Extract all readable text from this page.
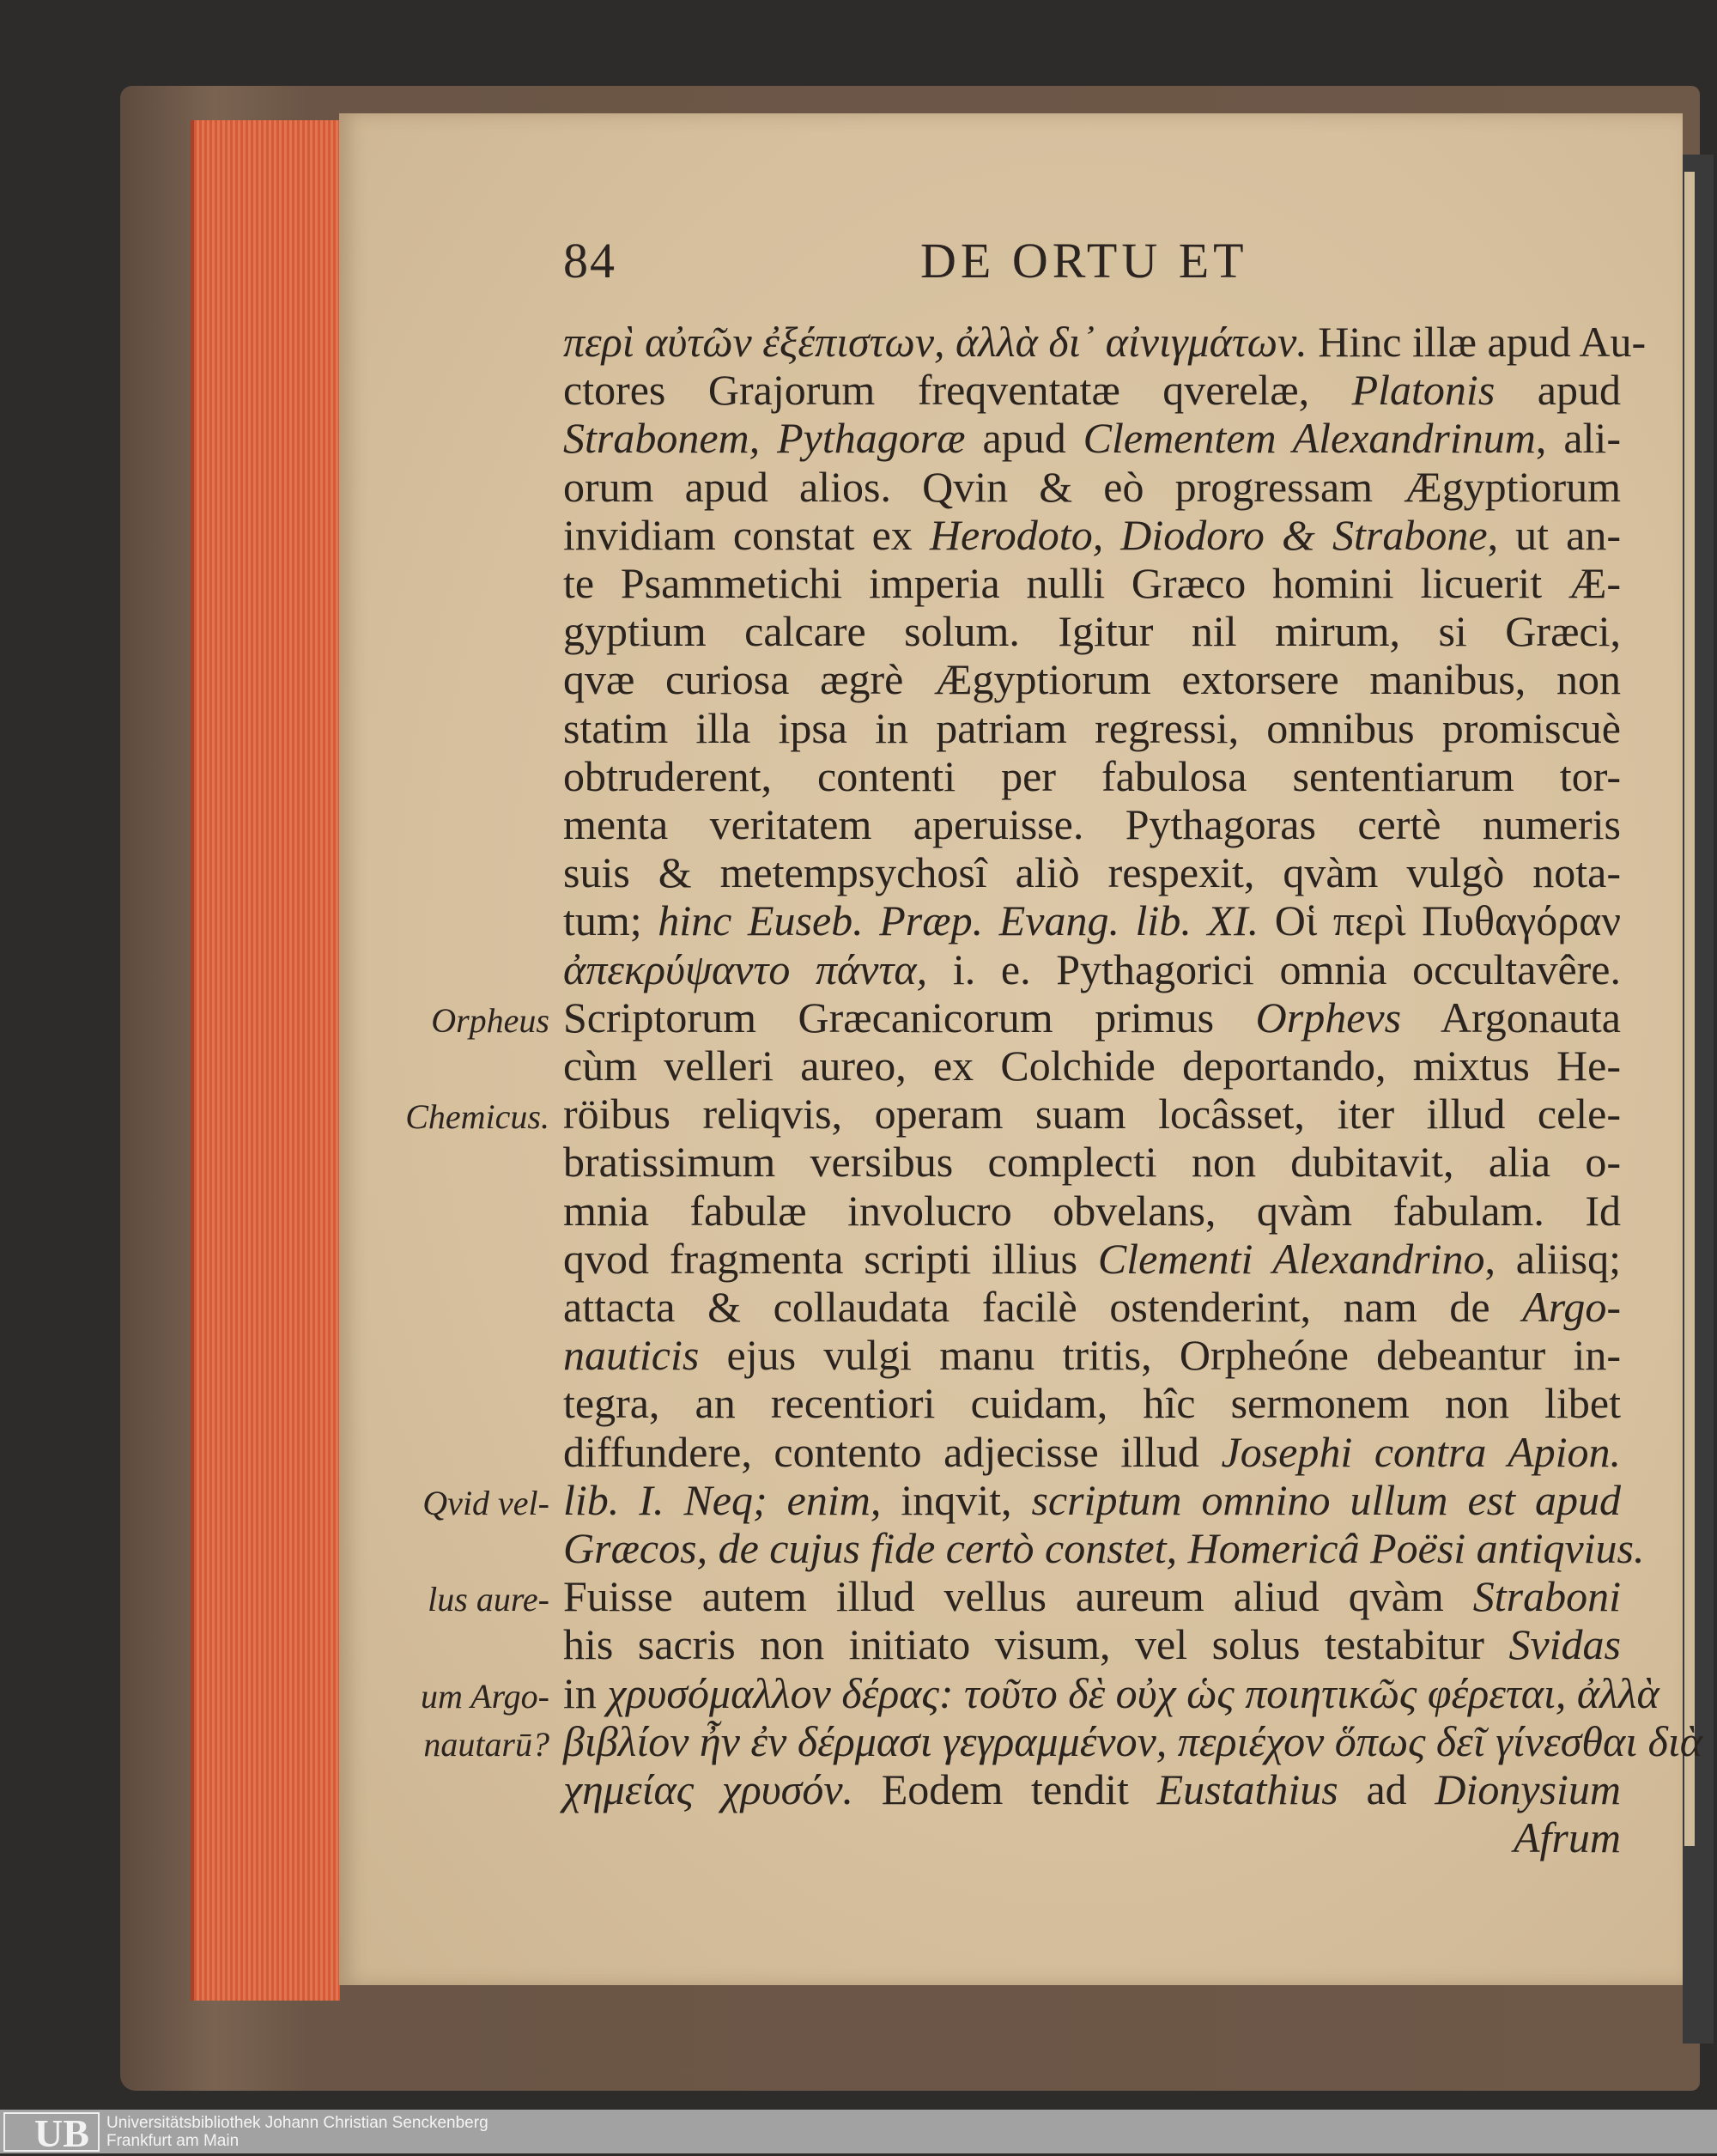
84	DE ORTU ET
περὶ αὐτῶν ἐξέπιστων, ἀλλὰ δι᾽ αἰνιγμάτων. Hinc illæ apud Au-
ctores Grajorum freqventatæ qverelæ, Platonis apud
Strabonem, Pythagoræ apud Clementem Alexandrinum, ali-
orum apud alios. Qvin & eò progressam Ægyptiorum
invidiam constat ex Herodoto, Diodoro & Strabone, ut an-
te Psammetichi imperia nulli Græco homini licuerit Æ-
gyptium calcare solum. Igitur nil mirum, si Græci,
qvæ curiosa ægrè Ægyptiorum extorsere manibus, non
statim illa ipsa in patriam regressi, omnibus promiscuè
obtruderent, contenti per fabulosa sententiarum tor-
menta veritatem aperuisse. Pythagoras certè numeris
suis & metempsychosî aliò respexit, qvàm vulgò nota-
tum; hinc Euseb. Præp. Evang. lib. XI. Οἱ περὶ Πυθαγόραν
ἀπεκρύψαντο πάντα, i. e. Pythagorici omnia occultavêre.
Scriptorum Græcanicorum primus Orphevs Argonauta
cùm velleri aureo, ex Colchide deportando, mixtus He-
röibus reliqvis, operam suam locâsset, iter illud cele-
bratissimum versibus complecti non dubitavit, alia o-
mnia fabulæ involucro obvelans, qvàm fabulam. Id
qvod fragmenta scripti illius Clementi Alexandrino, aliisq;
attacta & collaudata facilè ostenderint, nam de Argo-
nauticis ejus vulgi manu tritis, Orpheóne debeantur in-
tegra, an recentiori cuidam, hîc sermonem non libet
diffundere, contento adjecisse illud Josephi contra Apion.
lib. I. Neq; enim, inqvit, scriptum omnino ullum est apud
Græcos, de cujus fide certò constet, Homericâ Poësi antiqvius.
Fuisse autem illud vellus aureum aliud qvàm Straboni
his sacris non initiato visum, vel solus testabitur Svidas
in χρυσόμαλλον δέρας: τοῦτο δὲ οὐχ ὡς ποιητικῶς φέρεται, ἀλλὰ
βιβλίον ἦν ἐν δέρμασι γεγραμμένον, περιέχον ὅπως δεῖ γίνεσθαι διὰ
χημείας χρυσόν. Eodem tendit Eustathius ad Dionysium
Afrum
Orpheus
Chemicus.
Qvid vel-
lus aure-
um Argo-
nautarū?
UB Universitätsbibliothek Johann Christian Senckenberg
Frankfurt am Main
